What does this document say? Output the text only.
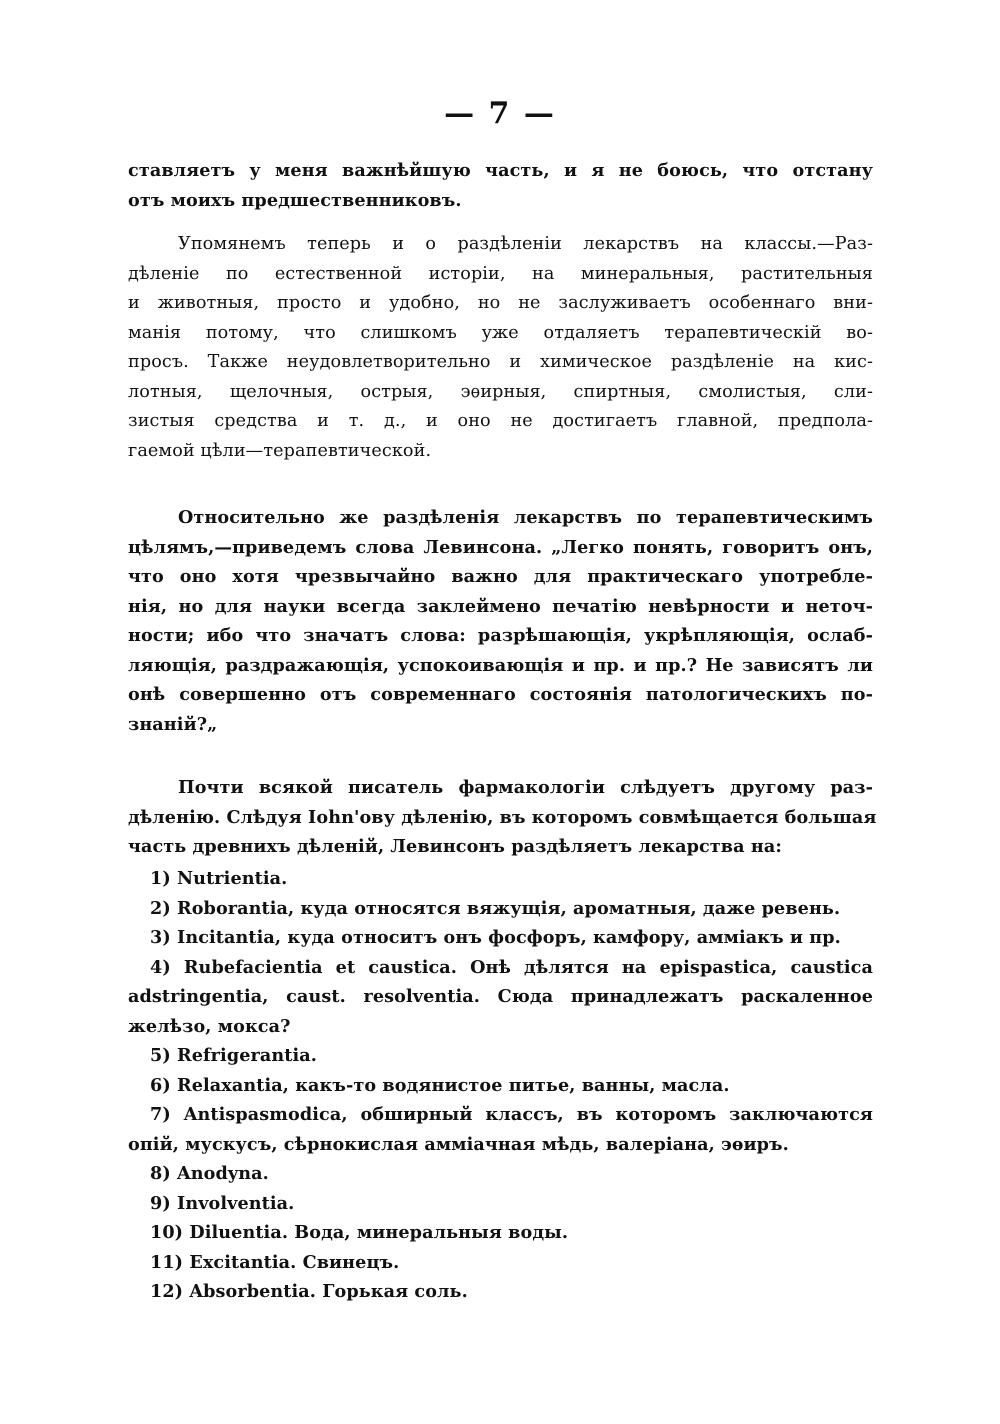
— 7 —
ставляетъ у меня важнѣйшую часть, и я не боюсь, что отстану
отъ моихъ предшественниковъ.
Упомянемъ теперь и о раздѣленіи лекарствъ на классы.—Раз-
дѣленіе по естественной исторіи, на минеральныя, растительныя
и животныя, просто и удобно, но не заслуживаетъ особеннаго вни-
манія потому, что слишкомъ уже отдаляетъ терапевтическій во-
просъ. Также неудовлетворительно и химическое раздѣленіе на кис-
лотныя, щелочныя, острыя, эѳирныя, спиртныя, смолистыя, сли-
зистыя средства и т. д., и оно не достигаетъ главной, предпола-
гаемой цѣли—терапевтической.
Относительно же раздѣленія лекарствъ по терапевтическимъ
цѣлямъ,—приведемъ слова Левинсона. „Легко понять, говоритъ онъ,
что оно хотя чрезвычайно важно для практическаго употребле-
нія, но для науки всегда заклеймено печатію невѣрности и неточ-
ности; ибо что значатъ слова: разрѣшающія, укрѣпляющія, ослаб-
ляющія, раздражающія, успокоивающія и пр. и пр.? Не зависятъ ли
онѣ совершенно отъ современнаго состоянія патологическихъ по-
знаній?„
Почти всякой писатель фармакологіи слѣдуетъ другому раз-
дѣленію. Слѣдуя Iohn'ову дѣленію, въ которомъ совмѣщается большая
часть древнихъ дѣленій, Левинсонъ раздѣляетъ лекарства на:
1) Nutrientia.
2) Roborantia, куда относятся вяжущія, ароматныя, даже ревень.
3) Incitantia, куда относитъ онъ фосфоръ, камфору, аммiакъ и пр.
4) Rubefacientia et caustica. Онѣ дѣлятся на epispastica, caustica
adstringentia, caust. resolventia. Сюда принадлежатъ раскаленное
желѣзо, мокса?
5) Refrigerantia.
6) Relaxantia, какъ-то водянистое питье, ванны, масла.
7) Antispasmodica, обширный классъ, въ которомъ заключаются
опій, мускусъ, сѣрнокислая аммiачная мѣдь, валеріана, эѳиръ.
8) Anodyna.
9) Involventia.
10) Diluentia. Вода, минеральныя воды.
11) Excitantia. Свинецъ.
12) Absorbentia. Горькая соль.
